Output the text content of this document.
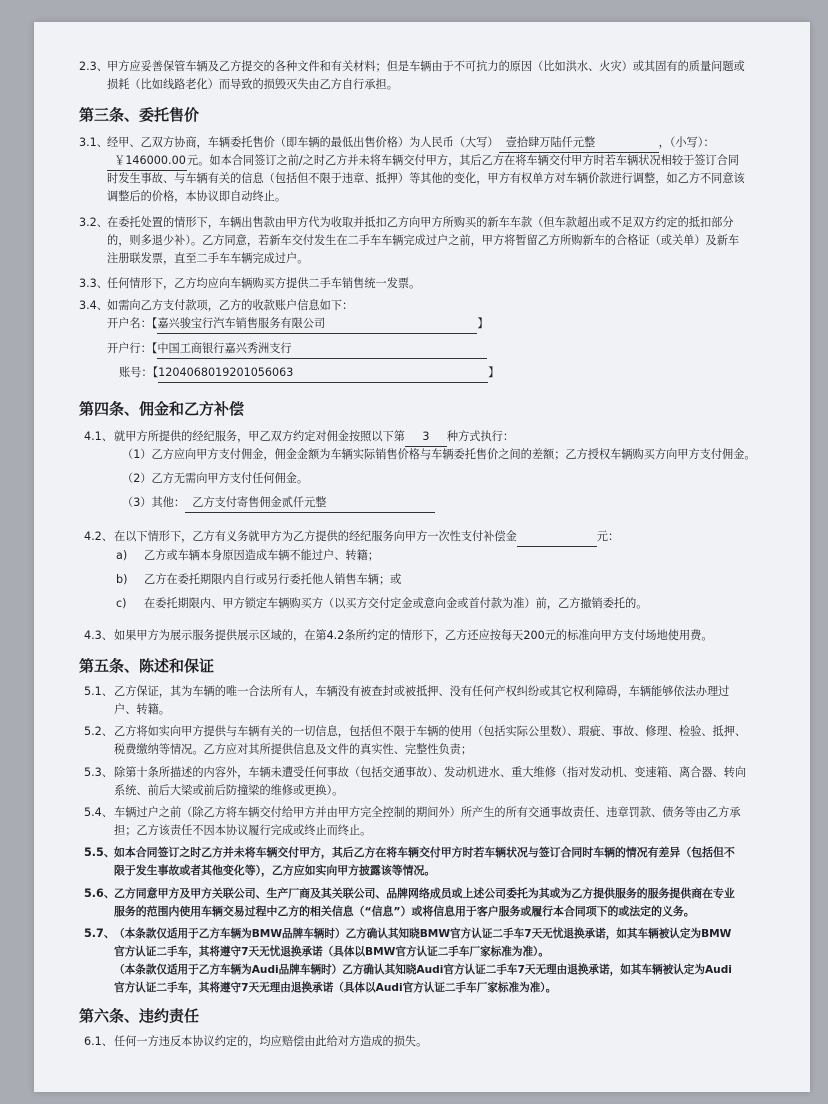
2.3、 甲方应妥善保管车辆及乙方提交的各种文件和有关材料；但是车辆由于不可抗力的原因（比如洪水、火灾）或其固有的质量问题或
损耗（比如线路老化）而导致的损毁灭失由乙方自行承担。
第三条、委托售价
3.1、 经甲、乙双方协商，车辆委托售价（即车辆的最低出售价格）为人民币（大写） 壹拾肆万陆仟元整	，（小写）：
￥146000.00元。如本合同签订之前/之时乙方并未将车辆交付甲方，其后乙方在将车辆交付甲方时若车辆状况相较于签订合同
时发生事故、与车辆有关的信息（包括但不限于违章、抵押）等其他的变化，甲方有权单方对车辆价款进行调整，如乙方不同意该
调整后的价格，本协议即自动终止。
3.2、 在委托处置的情形下，车辆出售款由甲方代为收取并抵扣乙方向甲方所购买的新车车款（但车款超出或不足双方约定的抵扣部分
的，则多退少补）。乙方同意，若新车交付发生在二手车车辆完成过户之前，甲方将暂留乙方所购新车的合格证（或关单）及新车
注册联发票，直至二手车车辆完成过户。
3.3、 任何情形下，乙方均应向车辆购买方提供二手车销售统一发票。
3.4、 如需向乙方支付款项，乙方的收款账户信息如下：
开户名：【嘉兴骏宝行汽车销售服务有限公司	】
开户行：【中国工商银行嘉兴秀洲支行
账号：【1204068019201056063	】
第四条、佣金和乙方补偿
4.1、 就甲方所提供的经纪服务，甲乙双方约定对佣金按照以下第 3 种方式执行：
（1）乙方应向甲方支付佣金，佣金金额为车辆实际销售价格与车辆委托售价之间的差额；乙方授权车辆购买方向甲方支付佣金。
（2）乙方无需向甲方支付任何佣金。
（3）其他： 乙方支付寄售佣金贰仟元整
4.2、 在以下情形下，乙方有义务就甲方为乙方提供的经纪服务向甲方一次性支付补偿金	元：
a) 乙方或车辆本身原因造成车辆不能过户、转籍；
b) 乙方在委托期限内自行或另行委托他人销售车辆；或
c) 在委托期限内、甲方锁定车辆购买方（以买方交付定金或意向金或首付款为准）前，乙方撤销委托的。
4.3、 如果甲方为展示服务提供展示区域的，在第4.2条所约定的情形下，乙方还应按每天200元的标准向甲方支付场地使用费。
第五条、陈述和保证
5.1、 乙方保证，其为车辆的唯一合法所有人，车辆没有被查封或被抵押、没有任何产权纠纷或其它权利障碍，车辆能够依法办理过
户、转籍。
5.2、 乙方将如实向甲方提供与车辆有关的一切信息，包括但不限于车辆的使用（包括实际公里数）、瑕疵、事故、修理、检验、抵押、
税费缴纳等情况。乙方应对其所提供信息及文件的真实性、完整性负责；
5.3、 除第十条所描述的内容外，车辆未遭受任何事故（包括交通事故）、发动机进水、重大维修（指对发动机、变速箱、离合器、转向
系统、前后大梁或前后防撞梁的维修或更换）。
5.4、 车辆过户之前（除乙方将车辆交付给甲方并由甲方完全控制的期间外）所产生的所有交通事故责任、违章罚款、债务等由乙方承
担；乙方该责任不因本协议履行完成或终止而终止。
5.5、
如本合同签订之时乙方并未将车辆交付甲方，其后乙方在将车辆交付甲方时若车辆状况与签订合同时车辆的情况有差异（包括但不
限于发生事故或者其他变化等），乙方应如实向甲方披露该等情况。
5.6、
乙方同意甲方及甲方关联公司、生产厂商及其关联公司、品牌网络成员或上述公司委托为其或为乙方提供服务的服务提供商在专业
服务的范围内使用车辆交易过程中乙方的相关信息（“信息”）或将信息用于客户服务或履行本合同项下的或法定的义务。
5.7、
（本条款仅适用于乙方车辆为BMW品牌车辆时）乙方确认其知晓BMW官方认证二手车7天无忧退换承诺，如其车辆被认定为BMW
官方认证二手车，其将遵守7天无忧退换承诺（具体以BMW官方认证二手车厂家标准为准）。
（本条款仅适用于乙方车辆为Audi品牌车辆时）乙方确认其知晓Audi官方认证二手车7天无理由退换承诺，如其车辆被认定为Audi
官方认证二手车，其将遵守7天无理由退换承诺（具体以Audi官方认证二手车厂家标准为准）。
第六条、违约责任
6.1、 任何一方违反本协议约定的，均应赔偿由此给对方造成的损失。
